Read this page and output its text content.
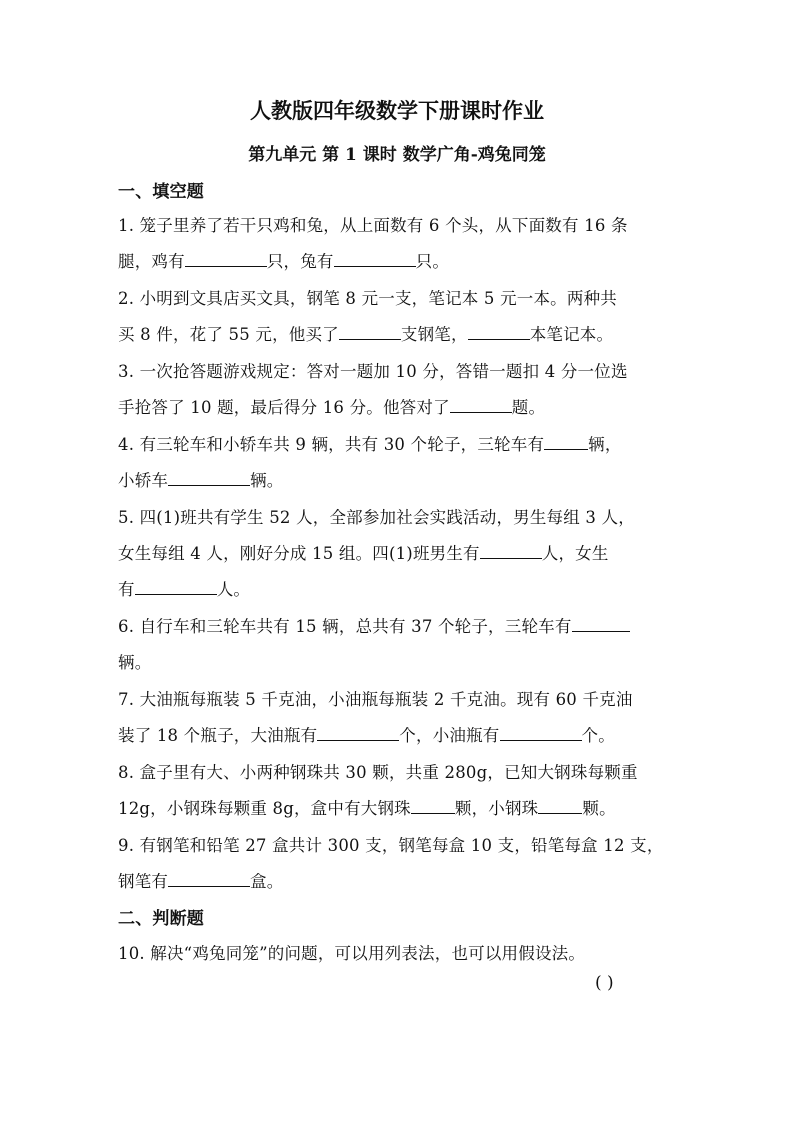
人教版四年级数学下册课时作业
第九单元 第 1 课时 数学广角-鸡兔同笼
一、填空题
1. 笼子里养了若干只鸡和兔，从上面数有 6 个头，从下面数有 16 条
腿，鸡有	只，兔有	只。
2. 小明到文具店买文具，钢笔 8 元一支，笔记本 5 元一本。两种共
买 8 件，花了 55 元，他买了	支钢笔，	本笔记本。
3. 一次抢答题游戏规定：答对一题加 10 分，答错一题扣 4 分一位选
手抢答了 10 题，最后得分 16 分。他答对了	题。
4. 有三轮车和小轿车共 9 辆，共有 30 个轮子，三轮车有	辆，
小轿车	辆。
5. 四(1)班共有学生 52 人，全部参加社会实践活动，男生每组 3 人，
女生每组 4 人，刚好分成 15 组。四(1)班男生有	人，女生
有	人。
6. 自行车和三轮车共有 15 辆，总共有 37 个轮子，三轮车有
辆。
7. 大油瓶每瓶装 5 千克油，小油瓶每瓶装 2 千克油。现有 60 千克油
装了 18 个瓶子，大油瓶有	个，小油瓶有	个。
8. 盒子里有大、小两种钢珠共 30 颗，共重 280g，已知大钢珠每颗重
12g，小钢珠每颗重 8g，盒中有大钢珠	颗，小钢珠	颗。
9. 有钢笔和铅笔 27 盒共计 300 支，钢笔每盒 10 支，铅笔每盒 12 支，
钢笔有	盒。
二、判断题
10. 解决“鸡兔同笼”的问题，可以用列表法，也可以用假设法。
( )
